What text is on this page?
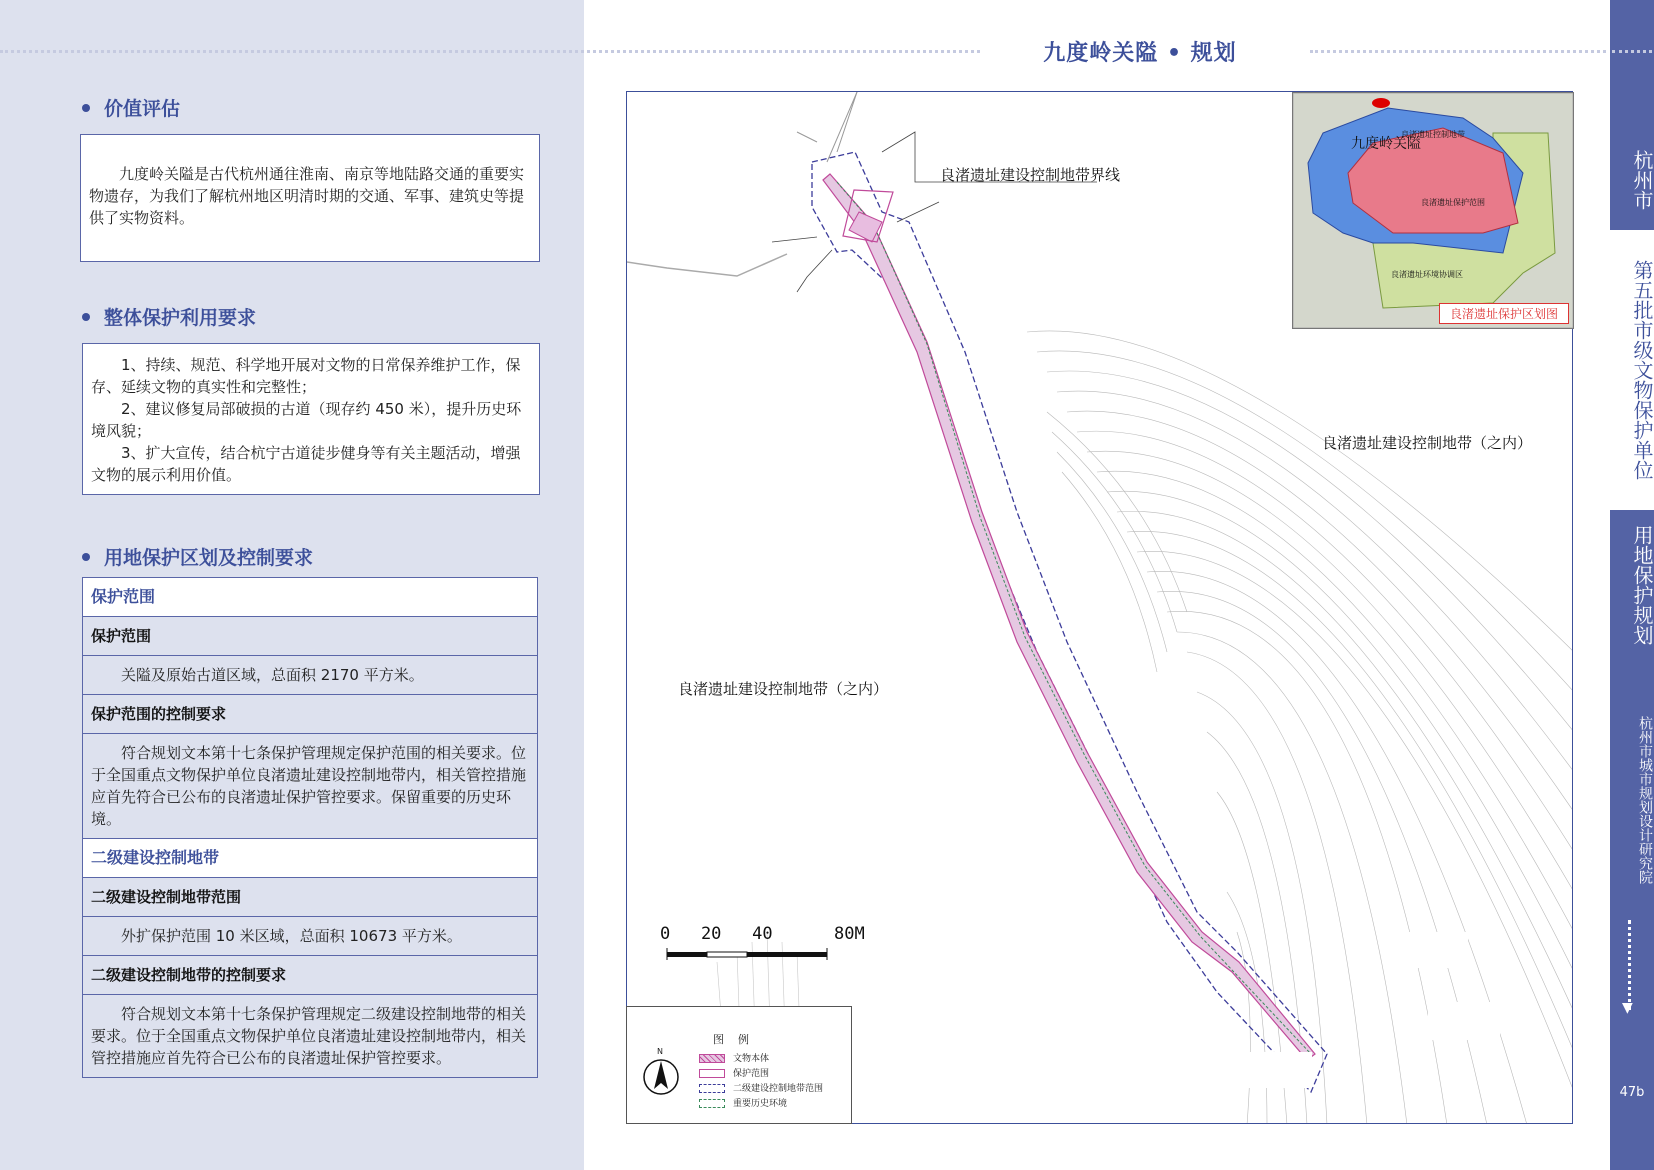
九度岭关隘 • 规划
价值评估

九度岭关隘是古代杭州通往淮南、南京等地陆路交通的重要实物遗存，为我们了解杭州地区明清时期的交通、军事、建筑史等提供了实物资料。

整体保护利用要求

1、持续、规范、科学地开展对文物的日常保养维护工作，保存、延续文物的真实性和完整性；

2、建议修复局部破损的古道（现存约 450 米），提升历史环境风貌；

3、扩大宣传，结合杭宁古道徒步健身等有关主题活动，增强文物的展示利用价值。

用地保护区划及控制要求
保护范围
保护范围
关隘及原始古道区域，总面积 2170 平方米。
保护范围的控制要求
符合规划文本第十七条保护管理规定保护范围的相关要求。位于全国重点文物保护单位良渚遗址建设控制地带内，相关管控措施应首先符合已公布的良渚遗址保护管控要求。保留重要的历史环境。
二级建设控制地带
二级建设控制地带范围
外扩保护范围 10 米区域，总面积 10673 平方米。
二级建设控制地带的控制要求
符合规划文本第十七条保护管理规定二级建设控制地带的相关要求。位于全国重点文物保护单位良渚遗址建设控制地带内，相关管控措施应首先符合已公布的良渚遗址保护管控要求。
良渚遗址建设控制地带界线
良渚遗址建设控制地带（之内）
良渚遗址建设控制地带（之内）
0   20   40      80M
九度岭关隘
良渚遗址控制地带
良渚遗址保护范围
良渚遗址环境协调区
良渚遗址保护区划图
图例
N
文物本体
保护范围
二级建设控制地带范围
重要历史环境
杭州市
第五批市级文物保护单位
用地保护规划
杭州市城市规划设计研究院
▼
47b
